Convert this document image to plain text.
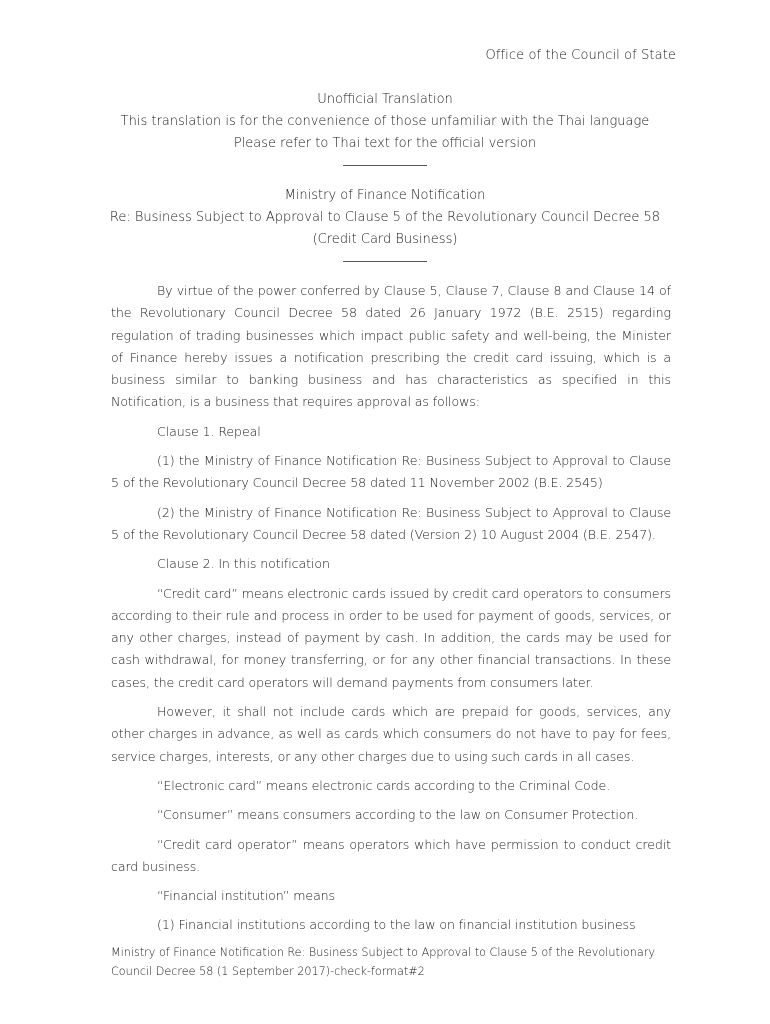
Office of the Council of State
Unofficial Translation
This translation is for the convenience of those unfamiliar with the Thai language
Please refer to Thai text for the official version
Ministry of Finance Notification
Re: Business Subject to Approval to Clause 5 of the Revolutionary Council Decree 58
(Credit Card Business)

By virtue of the power conferred by Clause 5, Clause 7, Clause 8 and Clause 14 of the Revolutionary Council Decree 58 dated 26 January 1972 (B.E. 2515) regarding regulation of trading businesses which impact public safety and well-being, the Minister of Finance hereby issues a notification prescribing the credit card issuing, which is a business similar to banking business and has characteristics as specified in this Notification, is a business that requires approval as follows:

Clause 1. Repeal

(1) the Ministry of Finance Notification Re: Business Subject to Approval to Clause 5 of the Revolutionary Council Decree 58 dated 11 November 2002 (B.E. 2545)

(2) the Ministry of Finance Notification Re: Business Subject to Approval to Clause 5 of the Revolutionary Council Decree 58 dated (Version 2) 10 August 2004 (B.E. 2547).

Clause 2. In this notification

“Credit card” means electronic cards issued by credit card operators to consumers according to their rule and process in order to be used for payment of goods, services, or any other charges, instead of payment by cash. In addition, the cards may be used for cash withdrawal, for money transferring, or for any other financial transactions. In these cases, the credit card operators will demand payments from consumers later.

However, it shall not include cards which are prepaid for goods, services, any other charges in advance, as well as cards which consumers do not have to pay for fees, service charges, interests, or any other charges due to using such cards in all cases.

“Electronic card” means electronic cards according to the Criminal Code.

“Consumer” means consumers according to the law on Consumer Protection.

“Credit card operator” means operators which have permission to conduct credit card business.

“Financial institution” means

(1) Financial institutions according to the law on financial institution business

Ministry of Finance Notification Re: Business Subject to Approval to Clause 5 of the Revolutionary Council Decree 58 (1 September 2017)-check-format#2
